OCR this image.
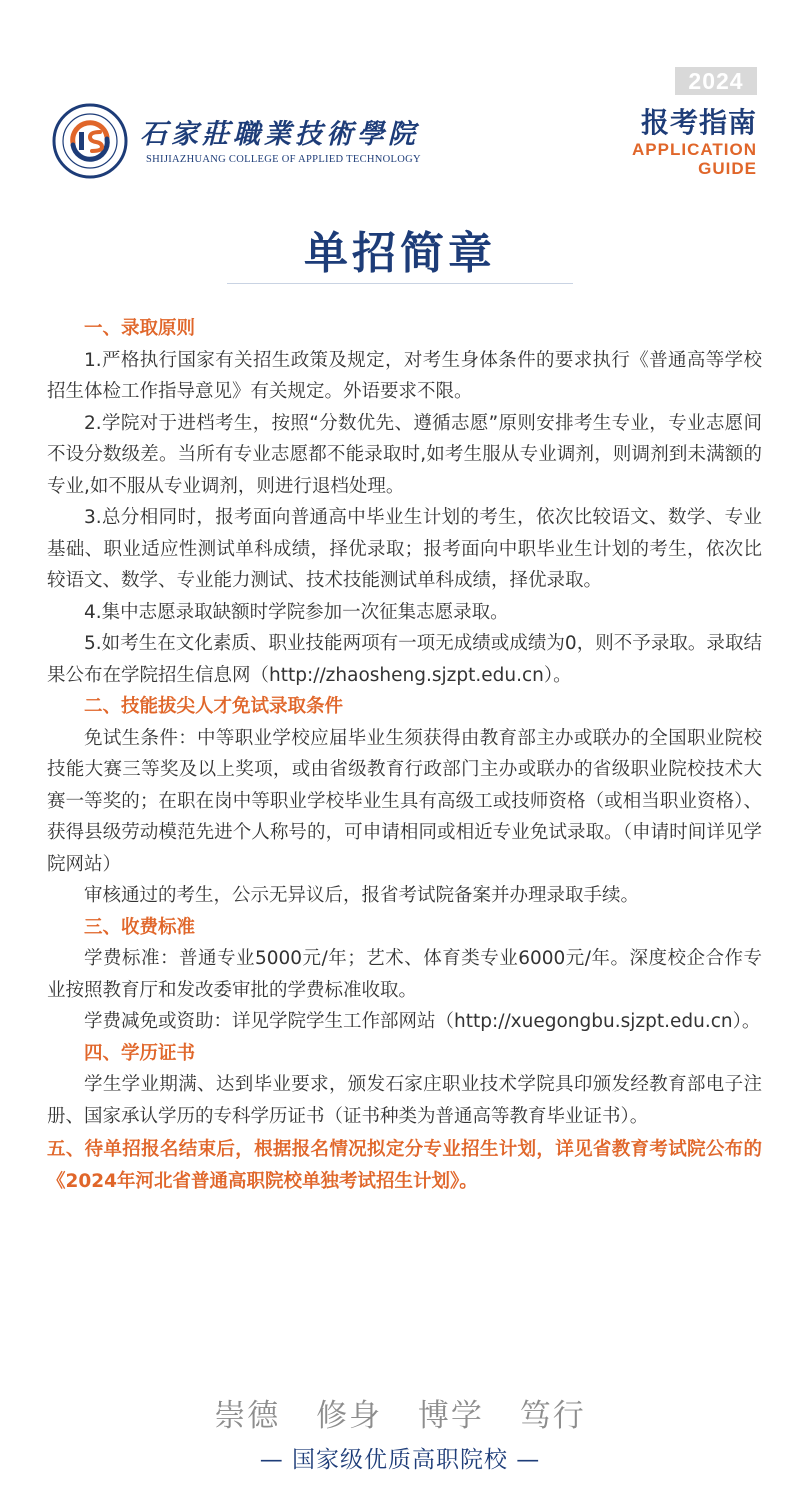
石家莊職業技術學院
SHIJIAZHUANG COLLEGE OF APPLIED TECHNOLOGY
2024
报考指南
APPLICATION
GUIDE
单招简章

一、录取原则

1.严格执行国家有关招生政策及规定，对考生身体条件的要求执行《普通高等学校招生体检工作指导意见》有关规定。外语要求不限。

2.学院对于进档考生，按照“分数优先、遵循志愿”原则安排考生专业，专业志愿间不设分数级差。当所有专业志愿都不能录取时,如考生服从专业调剂，则调剂到未满额的专业,如不服从专业调剂，则进行退档处理。

3.总分相同时，报考面向普通高中毕业生计划的考生，依次比较语文、数学、专业基础、职业适应性测试单科成绩，择优录取；报考面向中职毕业生计划的考生，依次比较语文、数学、专业能力测试、技术技能测试单科成绩，择优录取。

4.集中志愿录取缺额时学院参加一次征集志愿录取。

5.如考生在文化素质、职业技能两项有一项无成绩或成绩为0，则不予录取。录取结果公布在学院招生信息网（http://zhaosheng.sjzpt.edu.cn）。

二、技能拔尖人才免试录取条件

免试生条件：中等职业学校应届毕业生须获得由教育部主办或联办的全国职业院校技能大赛三等奖及以上奖项，或由省级教育行政部门主办或联办的省级职业院校技术大赛一等奖的；在职在岗中等职业学校毕业生具有高级工或技师资格（或相当职业资格）、获得县级劳动模范先进个人称号的，可申请相同或相近专业免试录取。（申请时间详见学院网站）

审核通过的考生，公示无异议后，报省考试院备案并办理录取手续。

三、收费标准

学费标准：普通专业5000元/年；艺术、体育类专业6000元/年。深度校企合作专业按照教育厅和发改委审批的学费标准收取。

学费减免或资助：详见学院学生工作部网站（http://xuegongbu.sjzpt.edu.cn）。

四、学历证书

学生学业期满、达到毕业要求，颁发石家庄职业技术学院具印颁发经教育部电子注册、国家承认学历的专科学历证书（证书种类为普通高等教育毕业证书）。

五、待单招报名结束后，根据报名情况拟定分专业招生计划，详见省教育考试院公布的《2024年河北省普通高职院校单独考试招生计划》。

崇德 修身 博学 笃行
— 国家级优质高职院校 —
